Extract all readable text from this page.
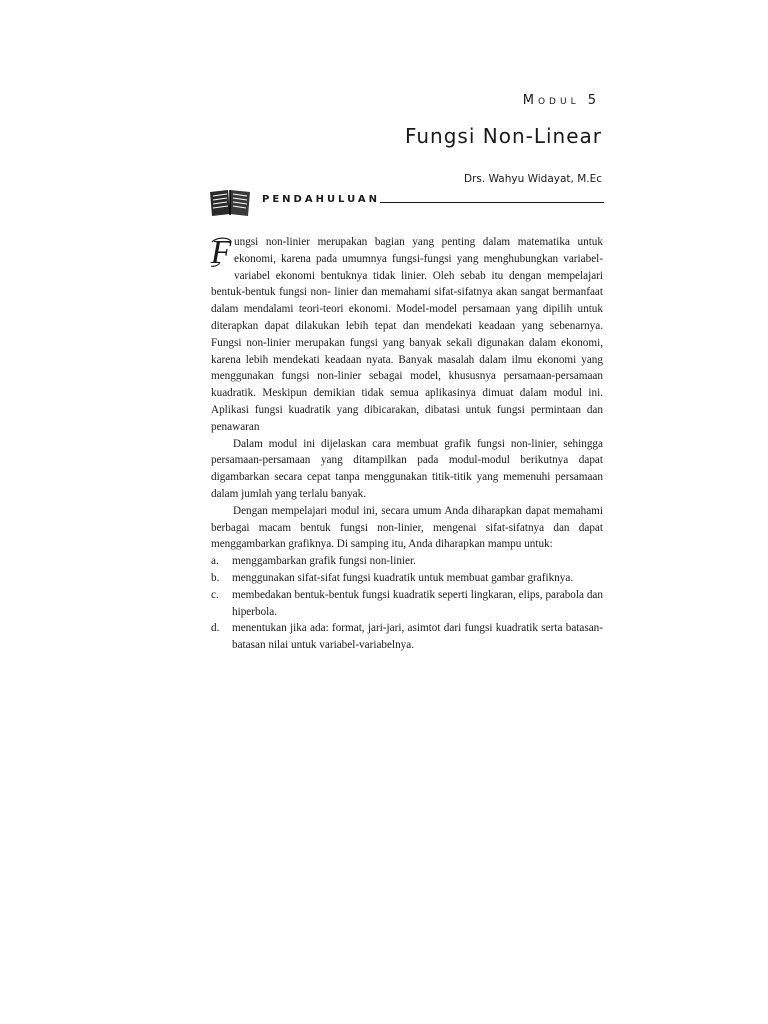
Modul 5
Fungsi Non-Linear
Drs. Wahyu Widayat, M.Ec
PENDAHULUAN

F ungsi non-linier merupakan bagian yang penting dalam matematika untuk ekonomi, karena pada umumnya fungsi-fungsi yang menghubungkan variabel-variabel ekonomi bentuknya tidak linier. Oleh sebab itu dengan mempelajari bentuk-bentuk fungsi non- linier dan memahami sifat-sifatnya akan sangat bermanfaat dalam mendalami teori-teori ekonomi. Model-model persamaan yang dipilih untuk diterapkan dapat dilakukan lebih tepat dan mendekati keadaan yang sebenarnya. Fungsi non-linier merupakan fungsi yang banyak sekali digunakan dalam ekonomi, karena lebih mendekati keadaan nyata. Banyak masalah dalam ilmu ekonomi yang menggunakan fungsi non-linier sebagai model, khususnya persamaan-persamaan kuadratik. Meskipun demikian tidak semua aplikasinya dimuat dalam modul ini. Aplikasi fungsi kuadratik yang dibicarakan, dibatasi untuk fungsi permintaan dan penawaran

Dalam modul ini dijelaskan cara membuat grafik fungsi non-linier, sehingga persamaan-persamaan yang ditampilkan pada modul-modul berikutnya dapat digambarkan secara cepat tanpa menggunakan titik-titik yang memenuhi persamaan dalam jumlah yang terlalu banyak.

Dengan mempelajari modul ini, secara umum Anda diharapkan dapat memahami berbagai macam bentuk fungsi non-linier, mengenai sifat-sifatnya dan dapat menggambarkan grafiknya. Di samping itu, Anda diharapkan mampu untuk:

a.	menggambarkan grafik fungsi non-linier.
b.	menggunakan sifat-sifat fungsi kuadratik untuk membuat gambar grafiknya.
c.	membedakan bentuk-bentuk fungsi kuadratik seperti lingkaran, elips, parabola dan hiperbola.
d.	menentukan jika ada: format, jari-jari, asimtot dari fungsi kuadratik serta batasan-batasan nilai untuk variabel-variabelnya.
